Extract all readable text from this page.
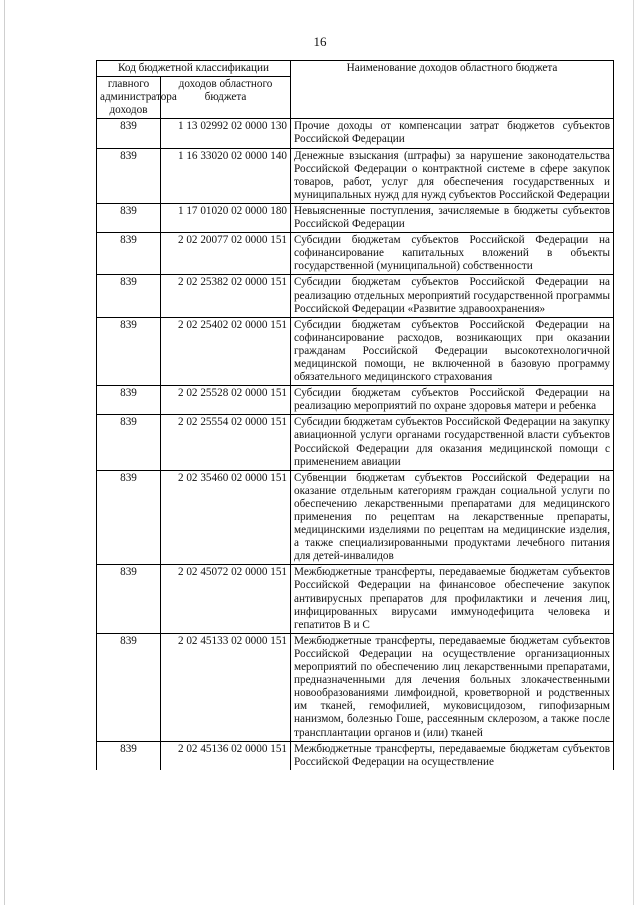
16
Код бюджетной классификации		Наименование доходов областного бюджета
главного администратора доходов	доходов областного бюджета	
839	1 13 02992 02 0000 130	Прочие доходы от компенсации затрат бюджетов субъектов Российской Федерации
839	1 16 33020 02 0000 140	Денежные взыскания (штрафы) за нарушение законодательства Российской Федерации о контрактной системе в сфере закупок товаров, работ, услуг для обеспечения государственных и муниципальных нужд для нужд субъектов Российской Федерации
839	1 17 01020 02 0000 180	Невыясненные поступления, зачисляемые в бюджеты субъектов Российской Федерации
839	2 02 20077 02 0000 151	Субсидии бюджетам субъектов Российской Федерации на софинансирование капитальных вложений в объекты государственной (муниципальной) собственности
839	2 02 25382 02 0000 151	Субсидии бюджетам субъектов Российской Федерации на реализацию отдельных мероприятий государственной программы Российской Федерации «Развитие здравоохранения»
839	2 02 25402 02 0000 151	Субсидии бюджетам субъектов Российской Федерации на софинансирование расходов, возникающих при оказании гражданам Российской Федерации высокотехнологичной медицинской помощи, не включенной в базовую программу обязательного медицинского страхования
839	2 02 25528 02 0000 151	Субсидии бюджетам субъектов Российской Федерации на реализацию мероприятий по охране здоровья матери и ребенка
839	2 02 25554 02 0000 151	Субсидии бюджетам субъектов Российской Федерации на закупку авиационной услуги органами государственной власти субъектов Российской Федерации для оказания медицинской помощи с применением авиации
839	2 02 35460 02 0000 151	Субвенции бюджетам субъектов Российской Федерации на оказание отдельным категориям граждан социальной услуги по обеспечению лекарственными препаратами для медицинского применения по рецептам на лекарственные препараты, медицинскими изделиями по рецептам на медицинские изделия, а также специализированными продуктами лечебного питания для детей-инвалидов
839	2 02 45072 02 0000 151	Межбюджетные трансферты, передаваемые бюджетам субъектов Российской Федерации на финансовое обеспечение закупок антивирусных препаратов для профилактики и лечения лиц, инфицированных вирусами иммунодефицита человека и гепатитов В и С
839	2 02 45133 02 0000 151	Межбюджетные трансферты, передаваемые бюджетам субъектов Российской Федерации на осуществление организационных мероприятий по обеспечению лиц лекарственными препаратами, предназначенными для лечения больных злокачественными новообразованиями лимфоидной, кроветворной и родственных им тканей, гемофилией, муковисцидозом, гипофизарным нанизмом, болезнью Гоше, рассеянным склерозом, а также после трансплантации органов и (или) тканей
839	2 02 45136 02 0000 151	Межбюджетные трансферты, передаваемые бюджетам субъектов Российской Федерации на осуществление
